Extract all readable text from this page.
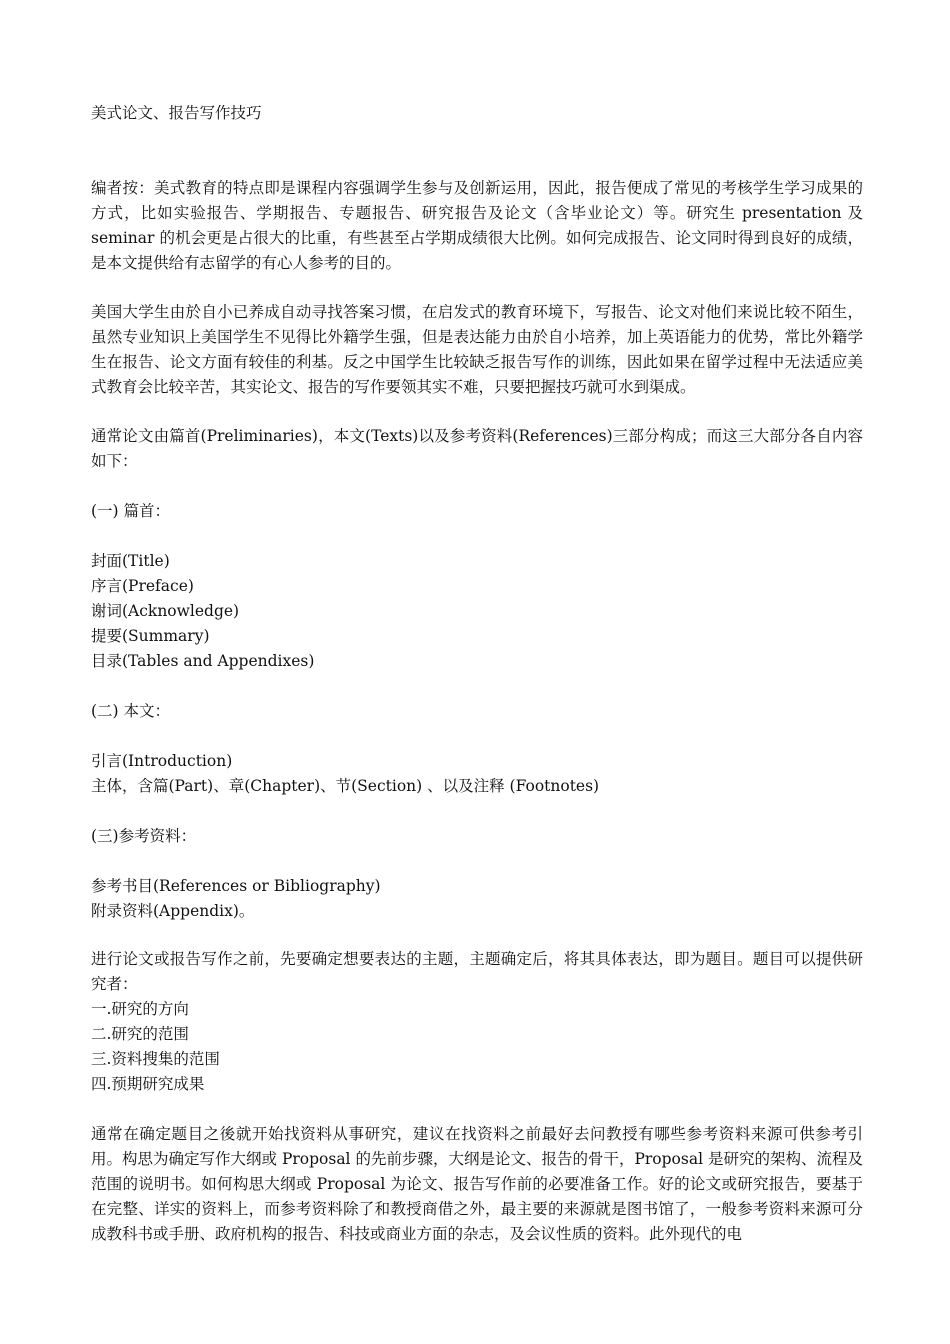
美式论文、报告写作技巧

编者按：美式教育的特点即是课程内容强调学生参与及创新运用，因此，报告便成了常见的考核学生学习成果的方式，比如实验报告、学期报告、专题报告、研究报告及论文（含毕业论文）等。研究生 presentation 及 seminar 的机会更是占很大的比重，有些甚至占学期成绩很大比例。如何完成报告、论文同时得到良好的成绩，是本文提供给有志留学的有心人参考的目的。

美国大学生由於自小已养成自动寻找答案习惯，在启发式的教育环境下，写报告、论文对他们来说比较不陌生，虽然专业知识上美国学生不见得比外籍学生强，但是表达能力由於自小培养，加上英语能力的优势，常比外籍学生在报告、论文方面有较佳的利基。反之中国学生比较缺乏报告写作的训练，因此如果在留学过程中无法适应美式教育会比较辛苦，其实论文、报告的写作要领其实不难，只要把握技巧就可水到渠成。

通常论文由篇首(Preliminaries)，本文(Texts)以及参考资料(References)三部分构成；而这三大部分各自内容如下：

(一) 篇首：

封面(Title)
序言(Preface)
谢词(Acknowledge)
提要(Summary)
目录(Tables and Appendixes)

(二) 本文：

引言(Introduction)
主体，含篇(Part)、章(Chapter)、节(Section) 、以及注释 (Footnotes)

(三)参考资料：

参考书目(References or Bibliography)
附录资料(Appendix)。

进行论文或报告写作之前，先要确定想要表达的主题，主题确定后，将其具体表达，即为题目。题目可以提供研究者：

一.研究的方向
二.研究的范围
三.资料搜集的范围
四.预期研究成果

通常在确定题目之後就开始找资料从事研究，建议在找资料之前最好去问教授有哪些参考资料来源可供参考引用。构思为确定写作大纲或 Proposal 的先前步骤，大纲是论文、报告的骨干，Proposal 是研究的架构、流程及范围的说明书。如何构思大纲或 Proposal 为论文、报告写作前的必要准备工作。好的论文或研究报告，要基于在完整、详实的资料上，而参考资料除了和教授商借之外，最主要的来源就是图书馆了，一般参考资料来源可分成教科书或手册、政府机构的报告、科技或商业方面的杂志，及会议性质的资料。此外现代的电
